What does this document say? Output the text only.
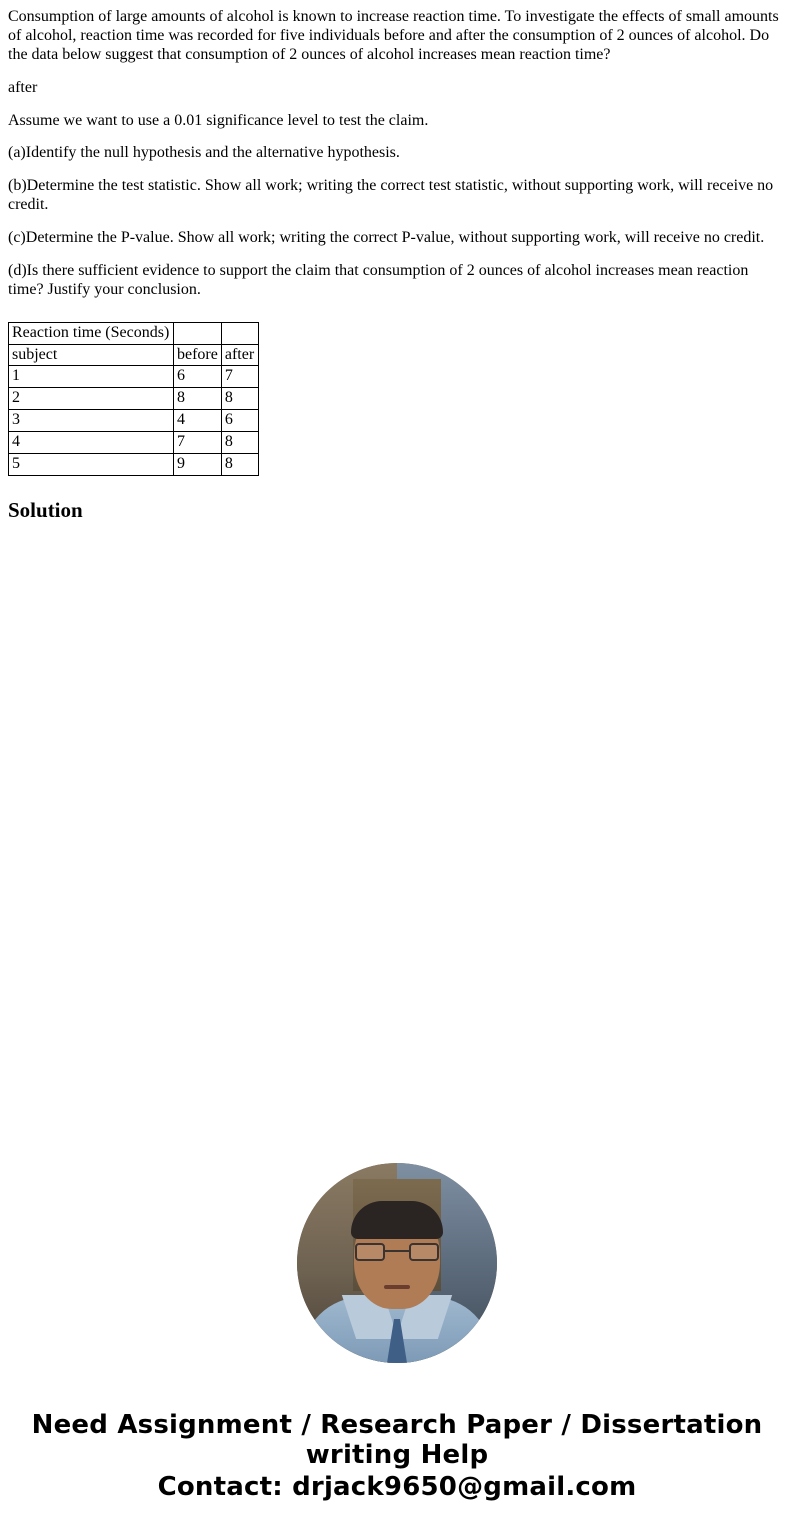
Consumption of large amounts of alcohol is known to increase reaction time. To investigate the effects of small amounts of alcohol, reaction time was recorded for five individuals before and after the consumption of 2 ounces of alcohol. Do the data below suggest that consumption of 2 ounces of alcohol increases mean reaction time?

after

Assume we want to use a 0.01 significance level to test the claim.

(a)Identify the null hypothesis and the alternative hypothesis.

(b)Determine the test statistic. Show all work; writing the correct test statistic, without supporting work, will receive no credit.

(c)Determine the P-value. Show all work; writing the correct P-value, without supporting work, will receive no credit.

(d)Is there sufficient evidence to support the claim that consumption of 2 ounces of alcohol increases mean reaction time? Justify your conclusion.

Reaction time (Seconds)		
subject	before	after
1	6	7
2	8	8
3	4	6
4	7	8
5	9	8
Solution
Need Assignment / Research Paper / Dissertation writing Help
Contact: drjack9650@gmail.com
